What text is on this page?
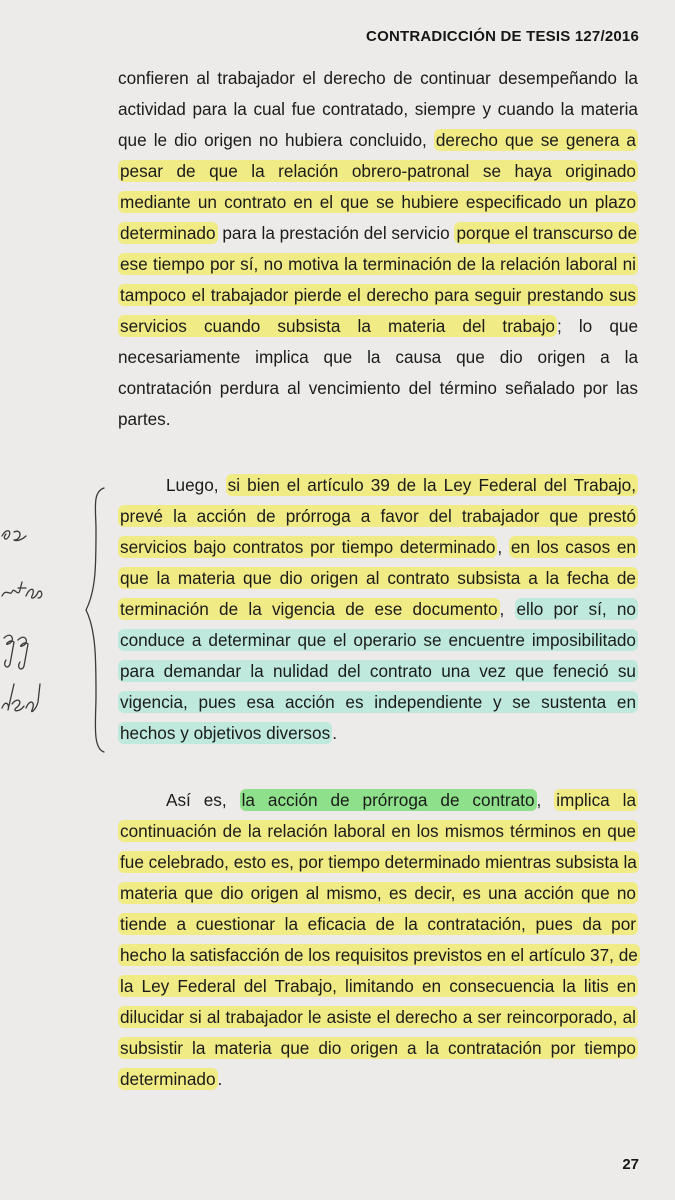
CONTRADICCIÓN DE TESIS 127/2016

confieren al trabajador el derecho de continuar desempeñando la actividad para la cual fue contratado, siempre y cuando la materia que le dio origen no hubiera concluido, derecho que se genera a pesar de que la relación obrero-patronal se haya originado mediante un contrato en el que se hubiere especificado un plazo determinado para la prestación del servicio porque el transcurso de ese tiempo por sí, no motiva la terminación de la relación laboral ni tampoco el trabajador pierde el derecho para seguir prestando sus servicios cuando subsista la materia del trabajo ; lo que necesariamente implica que la causa que dio origen a la contratación perdura al vencimiento del término señalado por las partes.

Luego, si bien el artículo 39 de la Ley Federal del Trabajo, prevé la acción de prórroga a favor del trabajador que prestó servicios bajo contratos por tiempo determinado , en los casos en que la materia que dio origen al contrato subsista a la fecha de terminación de la vigencia de ese documento , ello por sí, no conduce a determinar que el operario se encuentre imposibilitado para demandar la nulidad del contrato una vez que feneció su vigencia, pues esa acción es independiente y se sustenta en hechos y objetivos diversos .

Así es, la acción de prórroga de contrato , implica la continuación de la relación laboral en los mismos términos en que fue celebrado, esto es, por tiempo determinado mientras subsista la materia que dio origen al mismo, es decir, es una acción que no tiende a cuestionar la eficacia de la contratación, pues da por hecho la satisfacción de los requisitos previstos en el artículo 37, de la Ley Federal del Trabajo, limitando en consecuencia la litis en dilucidar si al trabajador le asiste el derecho a ser reincorporado, al subsistir la materia que dio origen a la contratación por tiempo determinado .

27
